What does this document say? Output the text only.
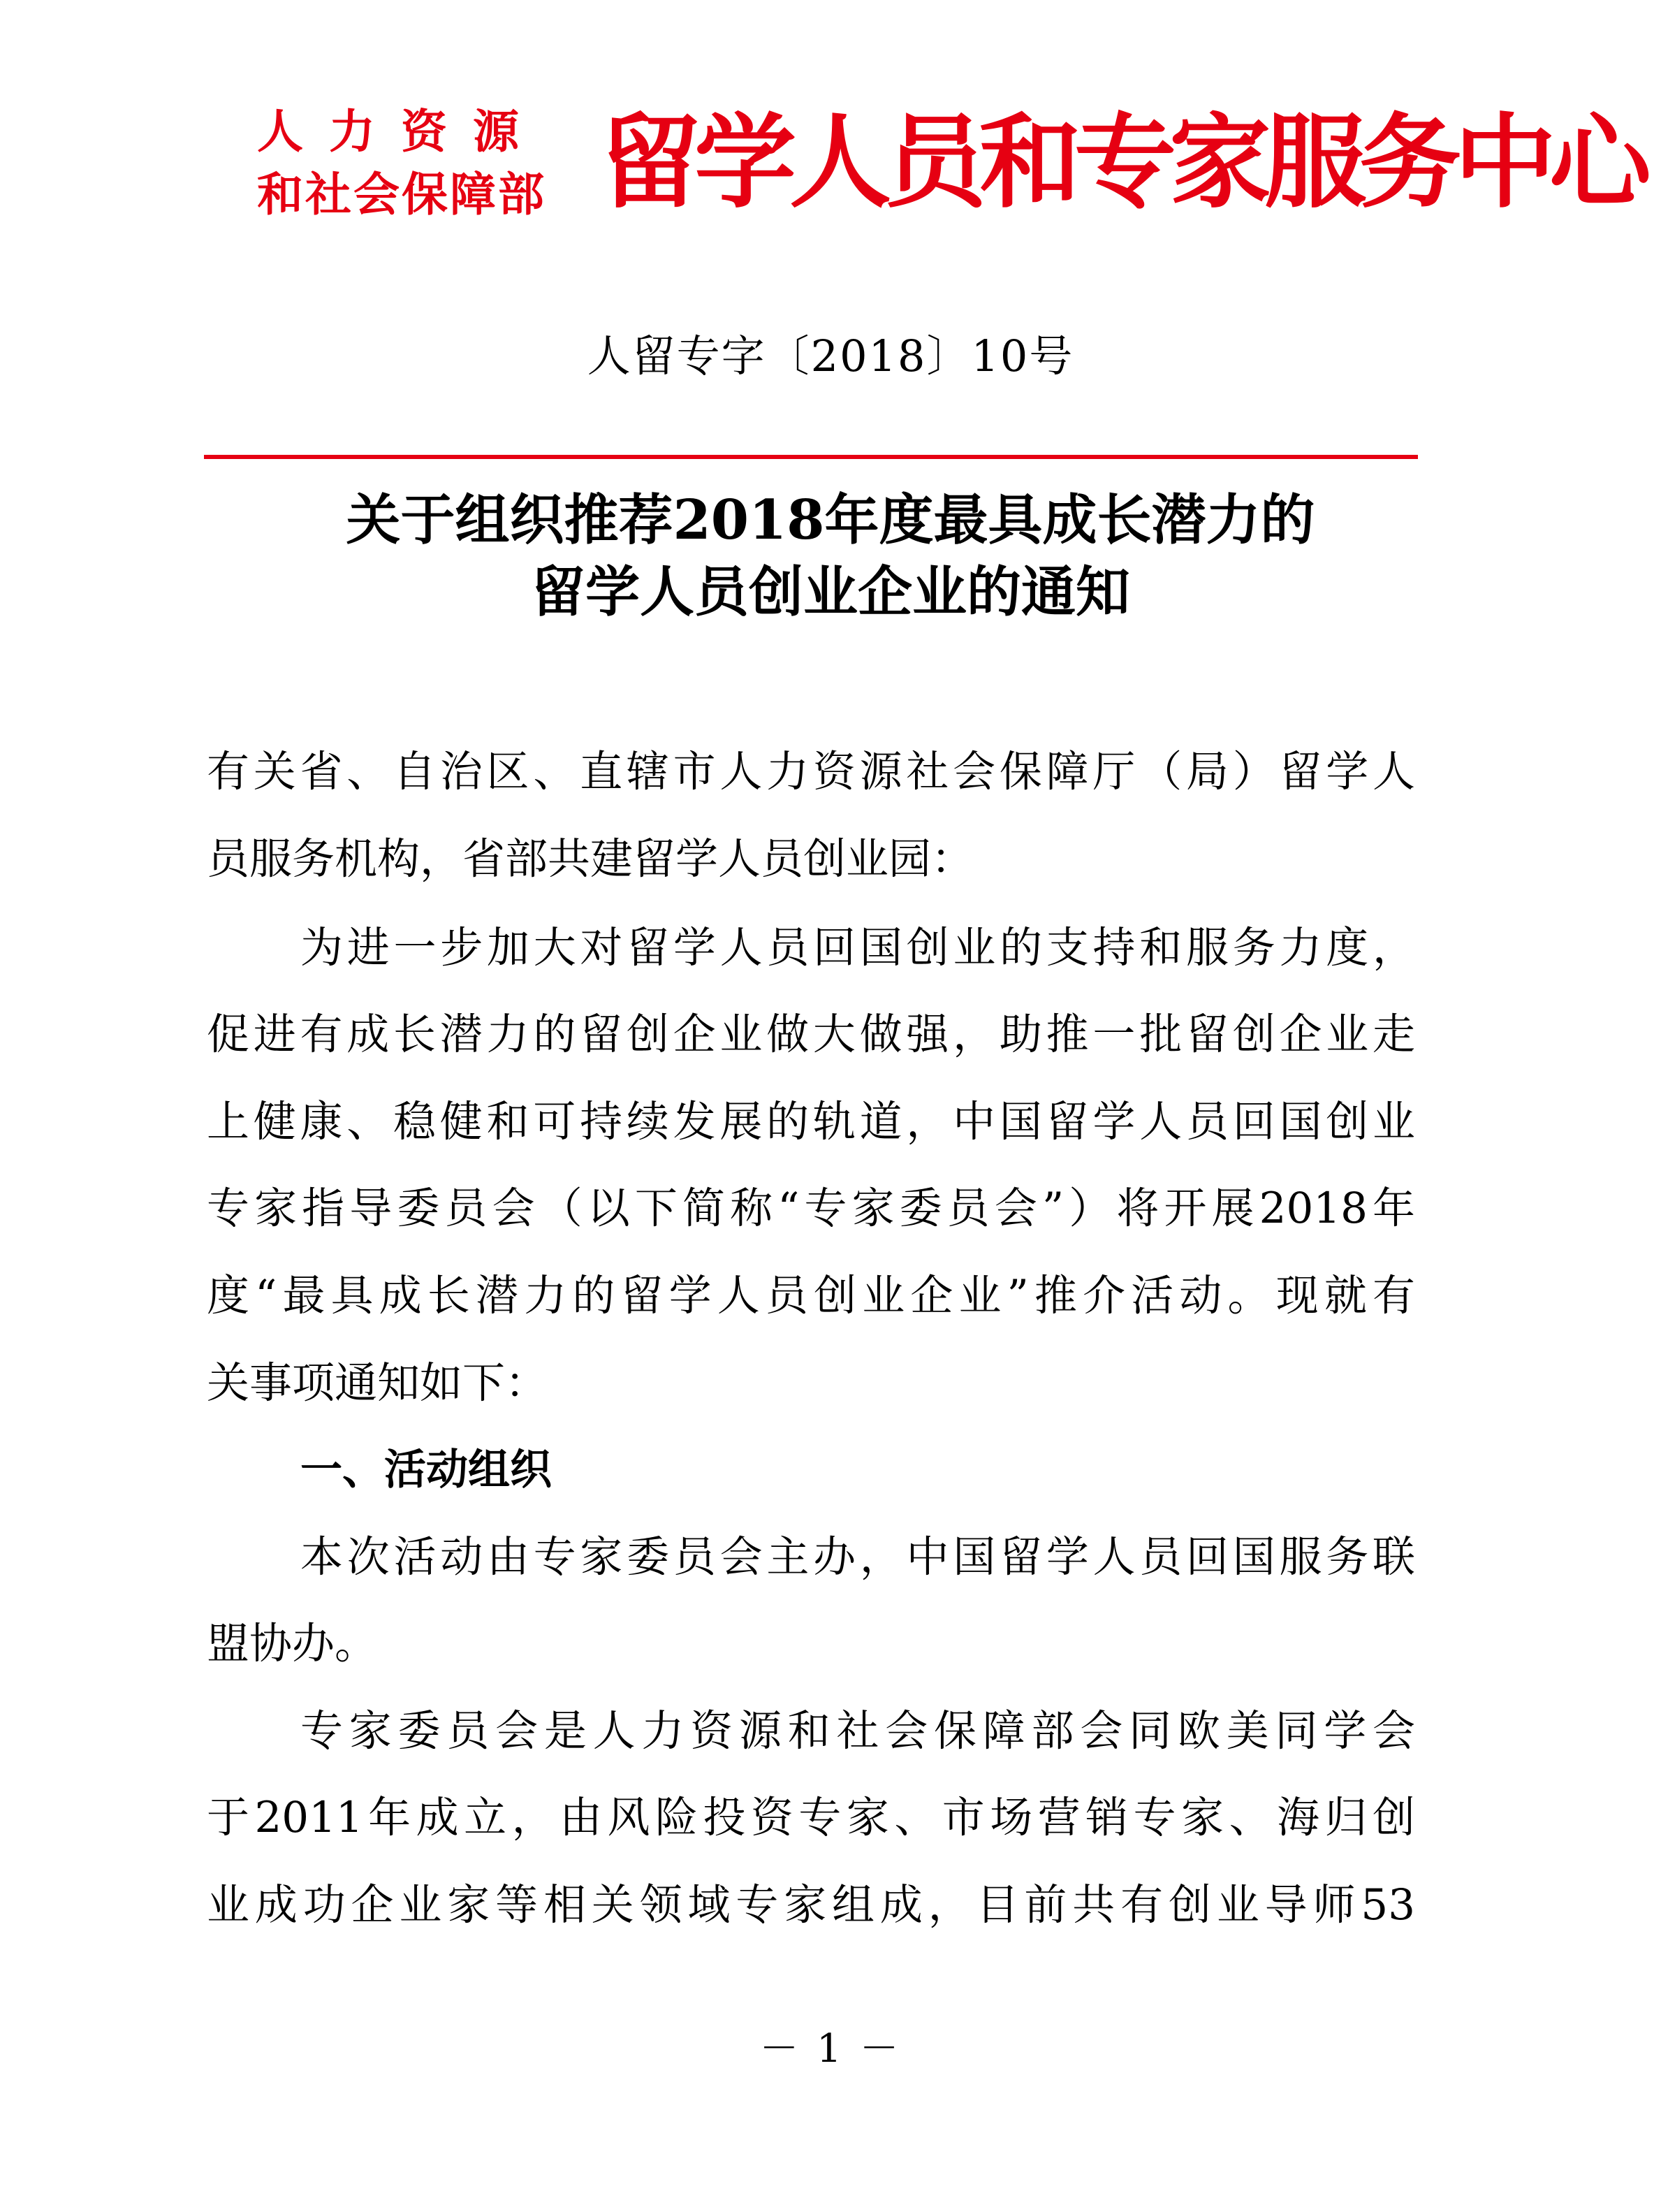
人力资源
和社会保障部 留学人员和专家服务中心
人留专字〔2018〕10号
关于组织推荐2018年度最具成长潜力的
留学人员创业企业的通知
有关省、自治区、直辖市人力资源社会保障厅（局）留学人
员服务机构，省部共建留学人员创业园：
为进一步加大对留学人员回国创业的支持和服务力度，
促进有成长潜力的留创企业做大做强，助推一批留创企业走
上健康、稳健和可持续发展的轨道，中国留学人员回国创业
专家指导委员会（以下简称“专家委员会”）将开展2018年
度“最具成长潜力的留学人员创业企业”推介活动。现就有
关事项通知如下：
一、活动组织
本次活动由专家委员会主办，中国留学人员回国服务联
盟协办。
专家委员会是人力资源和社会保障部会同欧美同学会
于2011年成立，由风险投资专家、市场营销专家、海归创
业成功企业家等相关领域专家组成，目前共有创业导师53
－ 1 －
